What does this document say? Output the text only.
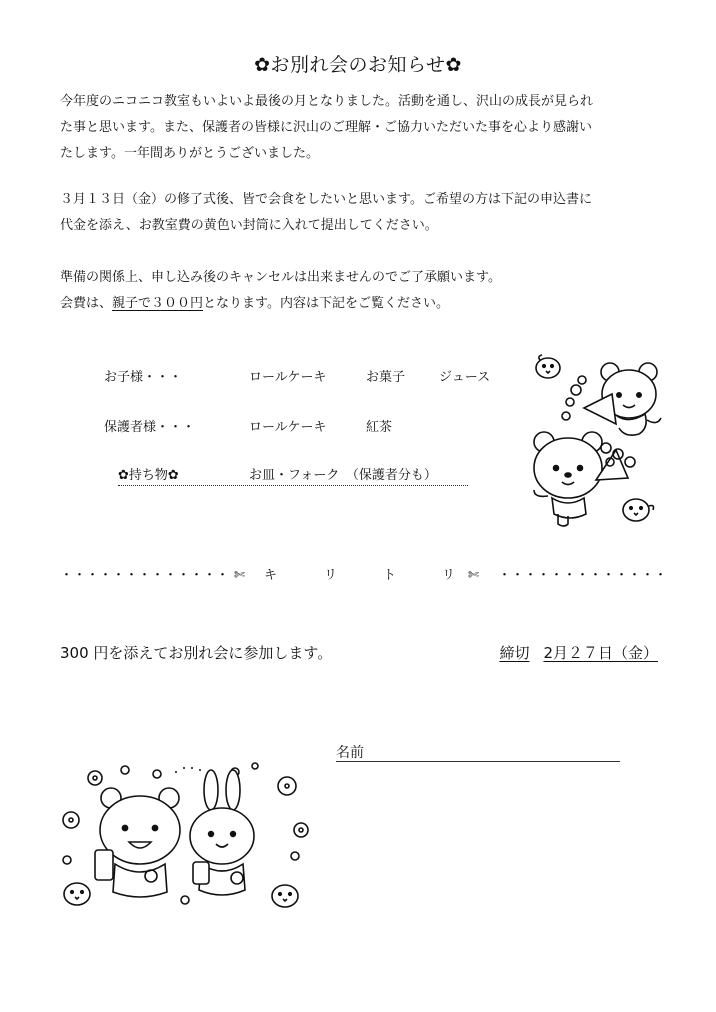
✿お別れ会のお知らせ✿
今年度のニコニコ教室もいよいよ最後の月となりました。活動を通し、沢山の成長が見られ
た事と思います。また、保護者の皆様に沢山のご理解・ご協力いただいた事を心より感謝い
たします。一年間ありがとうございました。
３月１３日（金）の修了式後、皆で会食をしたいと思います。ご希望の方は下記の申込書に
代金を添え、お教室費の黄色い封筒に入れて提出してください。
準備の関係上、申し込み後のキャンセルは出来ませんのでご了承願います。
会費は、親子で３００円となります。内容は下記をご覧ください。
お子様・・・	ロールケーキ	お菓子	ジュース
保護者様・・・	ロールケーキ	紅茶
✿持ち物✿	お皿・フォーク　（保護者分も）
・・・・・・・・・・・・・ ✄ キ	リ	ト	リ ✄ ・・・・・・・・・・・・・
300 円を添えてお別れ会に参加します。	締切 2月２７日（金）
名前
